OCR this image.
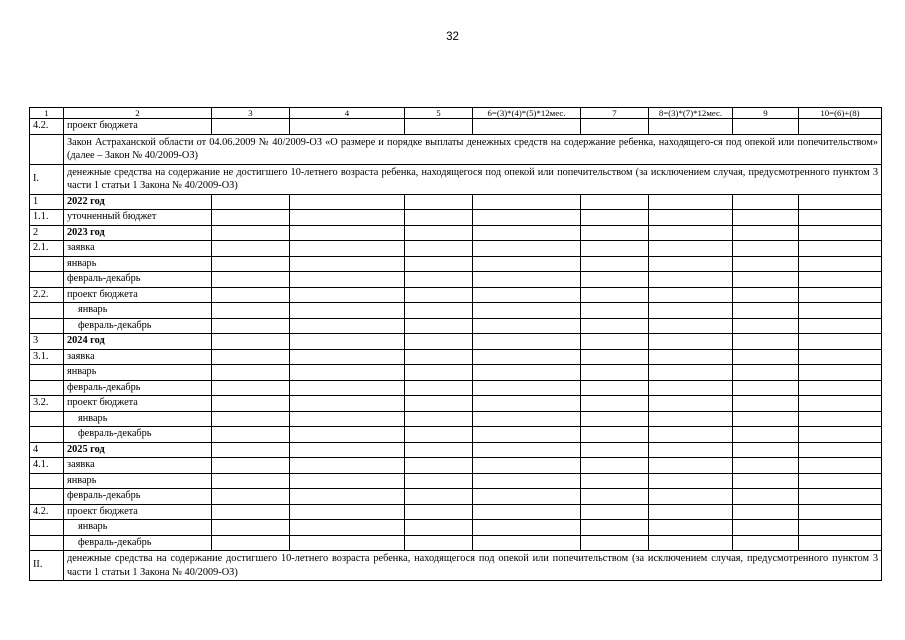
32
1	2	3	4	5	6=(3)*(4)*(5)*12мес.	7	8=(3)*(7)*12мес.	9	10=(6)+(8)
4.2.	проект бюджета								
	Закон Астраханской области от 04.06.2009 № 40/2009-ОЗ «О размере и порядке выплаты денежных средств на содержание ребенка, находящего-ся под опекой или попечительством» (далее – Закон № 40/2009-ОЗ)								
I.	денежные средства на содержание не достигшего 10-летнего возраста ребенка, находящегося под опекой или попечительством (за исключением случая, предусмотренного пунктом 3 части 1 статьи 1 Закона № 40/2009-ОЗ)								
1	2022 год								
1.1.	уточненный бюджет								
2	2023 год								
2.1.	заявка								
	январь								
	февраль-декабрь								
2.2.	проект бюджета								
	январь								
	февраль-декабрь								
3	2024 год								
3.1.	заявка								
	январь								
	февраль-декабрь								
3.2.	проект бюджета								
	январь								
	февраль-декабрь								
4	2025 год								
4.1.	заявка								
	январь								
	февраль-декабрь								
4.2.	проект бюджета								
	январь								
	февраль-декабрь								
II.	денежные средства на содержание достигшего 10-летнего возраста ребенка, находящегося под опекой или попечительством (за исключением случая, предусмотренного пунктом 3 части 1 статьи 1 Закона № 40/2009-ОЗ)								
